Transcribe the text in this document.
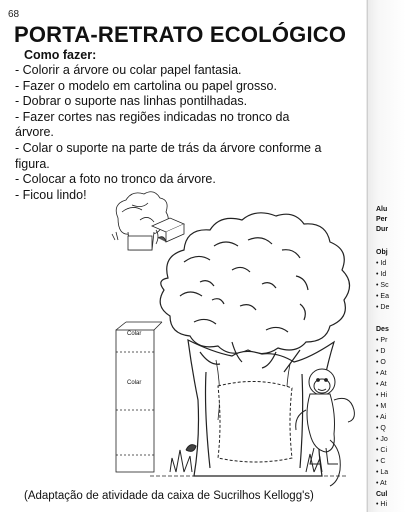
68
PORTA-RETRATO ECOLÓGICO
Como fazer:
- Colorir a árvore ou colar papel fantasia.
- Fazer o modelo em cartolina ou papel grosso.
- Dobrar o suporte nas linhas pontilhadas.
- Fazer cortes nas regiões indicadas no tronco da
árvore.
- Colar o suporte na parte de trás da árvore conforme a
figura.
- Colocar a foto no tronco da árvore.
- Ficou lindo!
Colar
Colar
(Adaptação de atividade da caixa de Sucrilhos Kellogg's)
Alu
Per
Dur
Obj
• Id
• Id
• Sc
• Ea
• De
Des
• Pr
• D
• O
• At
• At
• Hi
• M
• Ai
• Q
• Jo
• Ci
• C
• La
• At
Cul
• Hi
